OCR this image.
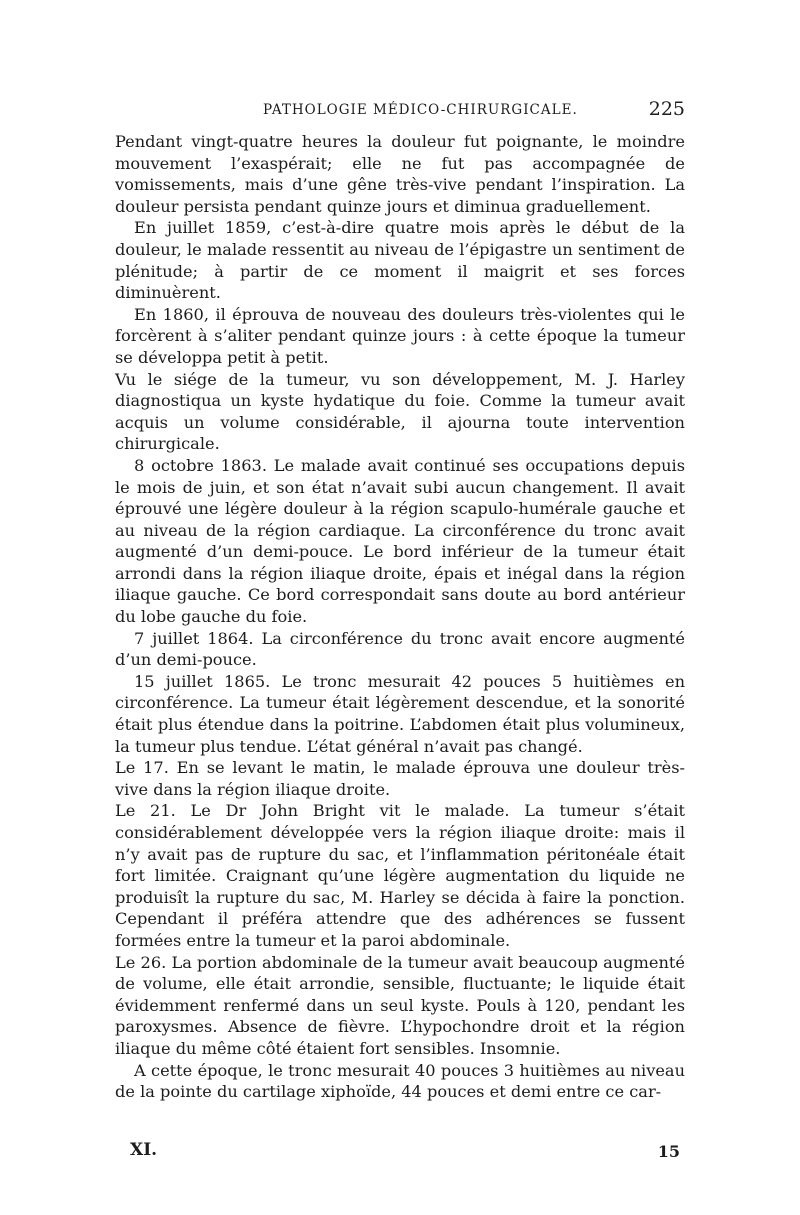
PATHOLOGIE MÉDICO-CHIRURGICALE.	225

Pendant vingt-quatre heures la douleur fut poignante, le moindre mouvement l’exaspérait; elle ne fut pas accompagnée de vomissements, mais d’une gêne très-vive pendant l’inspiration. La douleur persista pendant quinze jours et diminua graduellement.

En juillet 1859, c’est-à-dire quatre mois après le début de la douleur, le malade ressentit au niveau de l’épigastre un sentiment de plénitude; à partir de ce moment il maigrit et ses forces diminuèrent.

En 1860, il éprouva de nouveau des douleurs très-violentes qui le forcèrent à s’aliter pendant quinze jours : à cette époque la tumeur se développa petit à petit.

Vu le siége de la tumeur, vu son développement, M. J. Harley diagnostiqua un kyste hydatique du foie. Comme la tumeur avait acquis un volume considérable, il ajourna toute intervention chirurgicale.

8 octobre 1863. Le malade avait continué ses occupations depuis le mois de juin, et son état n’avait subi aucun changement. Il avait éprouvé une légère douleur à la région scapulo-humérale gauche et au niveau de la région cardiaque. La circonférence du tronc avait augmenté d’un demi-pouce. Le bord inférieur de la tumeur était arrondi dans la région iliaque droite, épais et inégal dans la région iliaque gauche. Ce bord correspondait sans doute au bord antérieur du lobe gauche du foie.

7 juillet 1864. La circonférence du tronc avait encore augmenté d’un demi-pouce.

15 juillet 1865. Le tronc mesurait 42 pouces 5 huitièmes en circonférence. La tumeur était légèrement descendue, et la sonorité était plus étendue dans la poitrine. L’abdomen était plus volumineux, la tumeur plus tendue. L’état général n’avait pas changé.

Le 17. En se levant le matin, le malade éprouva une douleur très-vive dans la région iliaque droite.

Le 21. Le Dr John Bright vit le malade. La tumeur s’était considérablement développée vers la région iliaque droite: mais il n’y avait pas de rupture du sac, et l’inflammation péritonéale était fort limitée. Craignant qu’une légère augmentation du liquide ne produisît la rupture du sac, M. Harley se décida à faire la ponction. Cependant il préféra attendre que des adhérences se fussent formées entre la tumeur et la paroi abdominale.

Le 26. La portion abdominale de la tumeur avait beaucoup augmenté de volume, elle était arrondie, sensible, fluctuante; le liquide était évidemment renfermé dans un seul kyste. Pouls à 120, pendant les paroxysmes. Absence de fièvre. L’hypochondre droit et la région iliaque du même côté étaient fort sensibles. Insomnie.

A cette époque, le tronc mesurait 40 pouces 3 huitièmes au niveau de la pointe du cartilage xiphoïde, 44 pouces et demi entre ce car-

XI.	15
